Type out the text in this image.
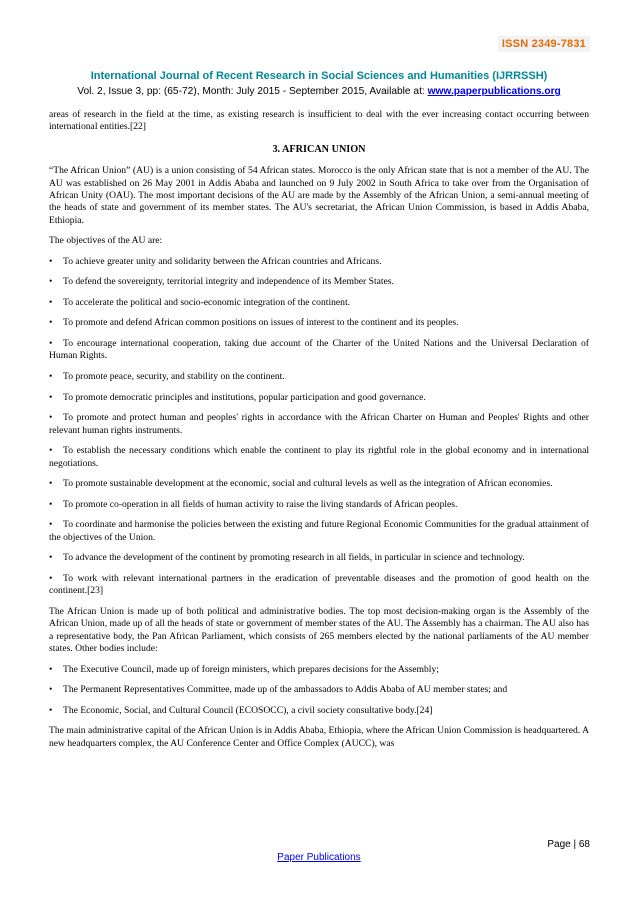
ISSN 2349-7831
International Journal of Recent Research in Social Sciences and Humanities (IJRRSSH)
Vol. 2, Issue 3, pp: (65-72), Month: July 2015 - September 2015, Available at: www.paperpublications.org

areas of research in the field at the time, as existing research is insufficient to deal with the ever increasing contact occurring between international entities.[22]

3. AFRICAN UNION

“The African Union” (AU) is a union consisting of 54 African states. Morocco is the only African state that is not a member of the AU. The AU was established on 26 May 2001 in Addis Ababa and launched on 9 July 2002 in South Africa to take over from the Organisation of African Unity (OAU). The most important decisions of the AU are made by the Assembly of the African Union, a semi-annual meeting of the heads of state and government of its member states. The AU's secretariat, the African Union Commission, is based in Addis Ababa, Ethiopia.

The objectives of the AU are:

• To achieve greater unity and solidarity between the African countries and Africans.
• To defend the sovereignty, territorial integrity and independence of its Member States.
• To accelerate the political and socio-economic integration of the continent.
• To promote and defend African common positions on issues of interest to the continent and its peoples.
• To encourage international cooperation, taking due account of the Charter of the United Nations and the Universal Declaration of Human Rights.
• To promote peace, security, and stability on the continent.
• To promote democratic principles and institutions, popular participation and good governance.
• To promote and protect human and peoples' rights in accordance with the African Charter on Human and Peoples' Rights and other relevant human rights instruments.
• To establish the necessary conditions which enable the continent to play its rightful role in the global economy and in international negotiations.
• To promote sustainable development at the economic, social and cultural levels as well as the integration of African economies.
• To promote co-operation in all fields of human activity to raise the living standards of African peoples.
• To coordinate and harmonise the policies between the existing and future Regional Economic Communities for the gradual attainment of the objectives of the Union.
• To advance the development of the continent by promoting research in all fields, in particular in science and technology.
• To work with relevant international partners in the eradication of preventable diseases and the promotion of good health on the continent.[23]

The African Union is made up of both political and administrative bodies. The top most decision-making organ is the Assembly of the African Union, made up of all the heads of state or government of member states of the AU. The Assembly has a chairman. The AU also has a representative body, the Pan African Parliament, which consists of 265 members elected by the national parliaments of the AU member states. Other bodies include:

• The Executive Council, made up of foreign ministers, which prepares decisions for the Assembly;
• The Permanent Representatives Committee, made up of the ambassadors to Addis Ababa of AU member states; and
• The Economic, Social, and Cultural Council (ECOSOCC), a civil society consultative body.[24]

The main administrative capital of the African Union is in Addis Ababa, Ethiopia, where the African Union Commission is headquartered. A new headquarters complex, the AU Conference Center and Office Complex (AUCC), was

Page | 68
Paper Publications
